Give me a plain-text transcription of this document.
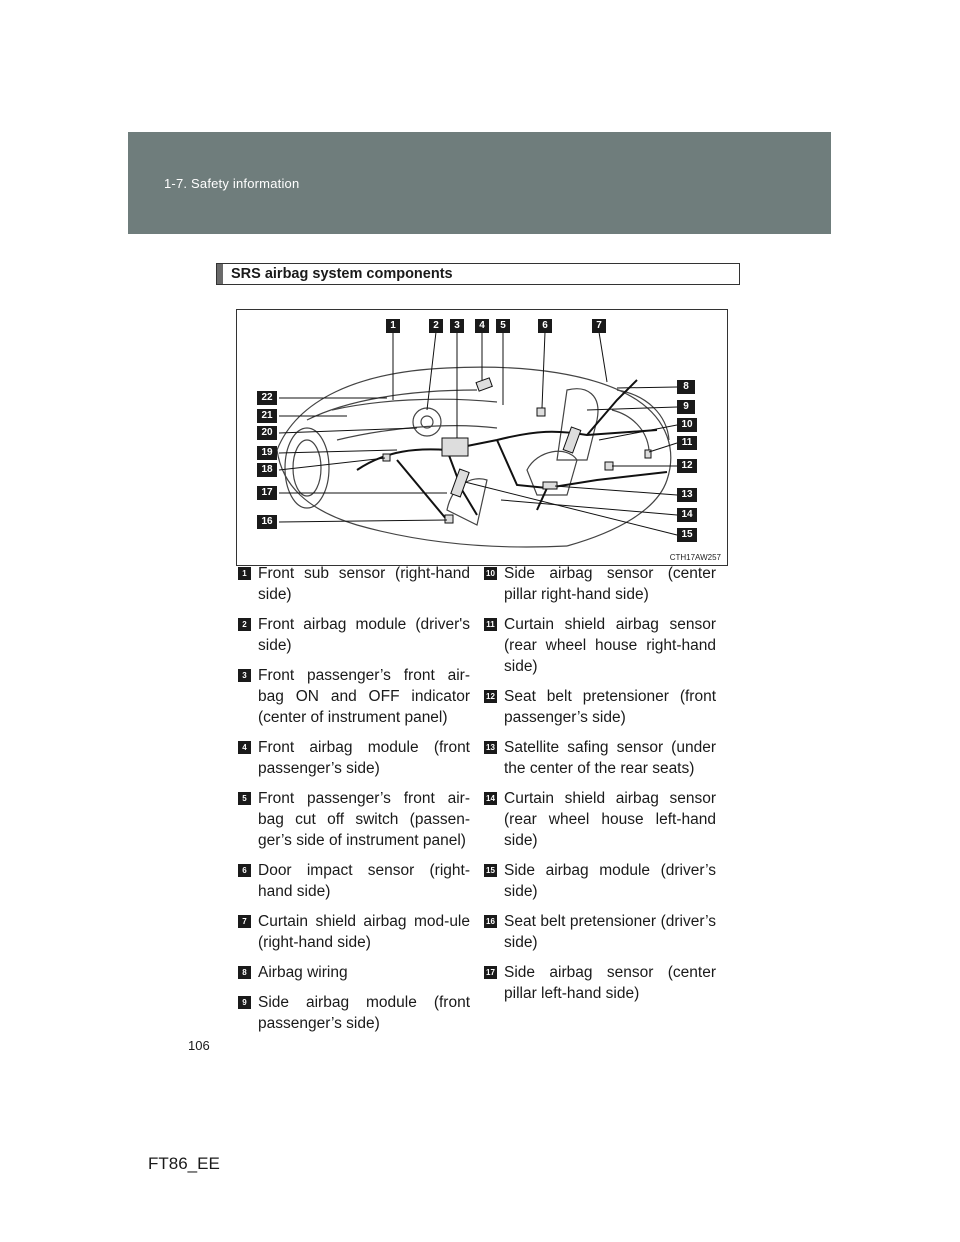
1-7. Safety information
SRS airbag system components
1	2	3	4	5	6	7
8
9
10
11
12
13
14
15
22
21
20
19
18
17
16
CTH17AW257
1 Front sub sensor (right-hand side)
2 Front airbag module (driver's side)
3 Front passenger’s front air-bag ON and OFF indicator (center of instrument panel)
4 Front airbag module (front passenger’s side)
5 Front passenger’s front air-bag cut off switch (passen-ger’s side of instrument panel)
6 Door impact sensor (right-hand side)
7 Curtain shield airbag mod-ule (right-hand side)
8 Airbag wiring
9 Side airbag module (front passenger’s side)
10 Side airbag sensor (center pillar right-hand side)
11 Curtain shield airbag sensor (rear wheel house right-hand side)
12 Seat belt pretensioner (front passenger’s side)
13 Satellite safing sensor (under the center of the rear seats)
14 Curtain shield airbag sensor (rear wheel house left-hand side)
15 Side airbag module (driver’s side)
16 Seat belt pretensioner (driver’s side)
17 Side airbag sensor (center pillar left-hand side)
106
FT86_EE
